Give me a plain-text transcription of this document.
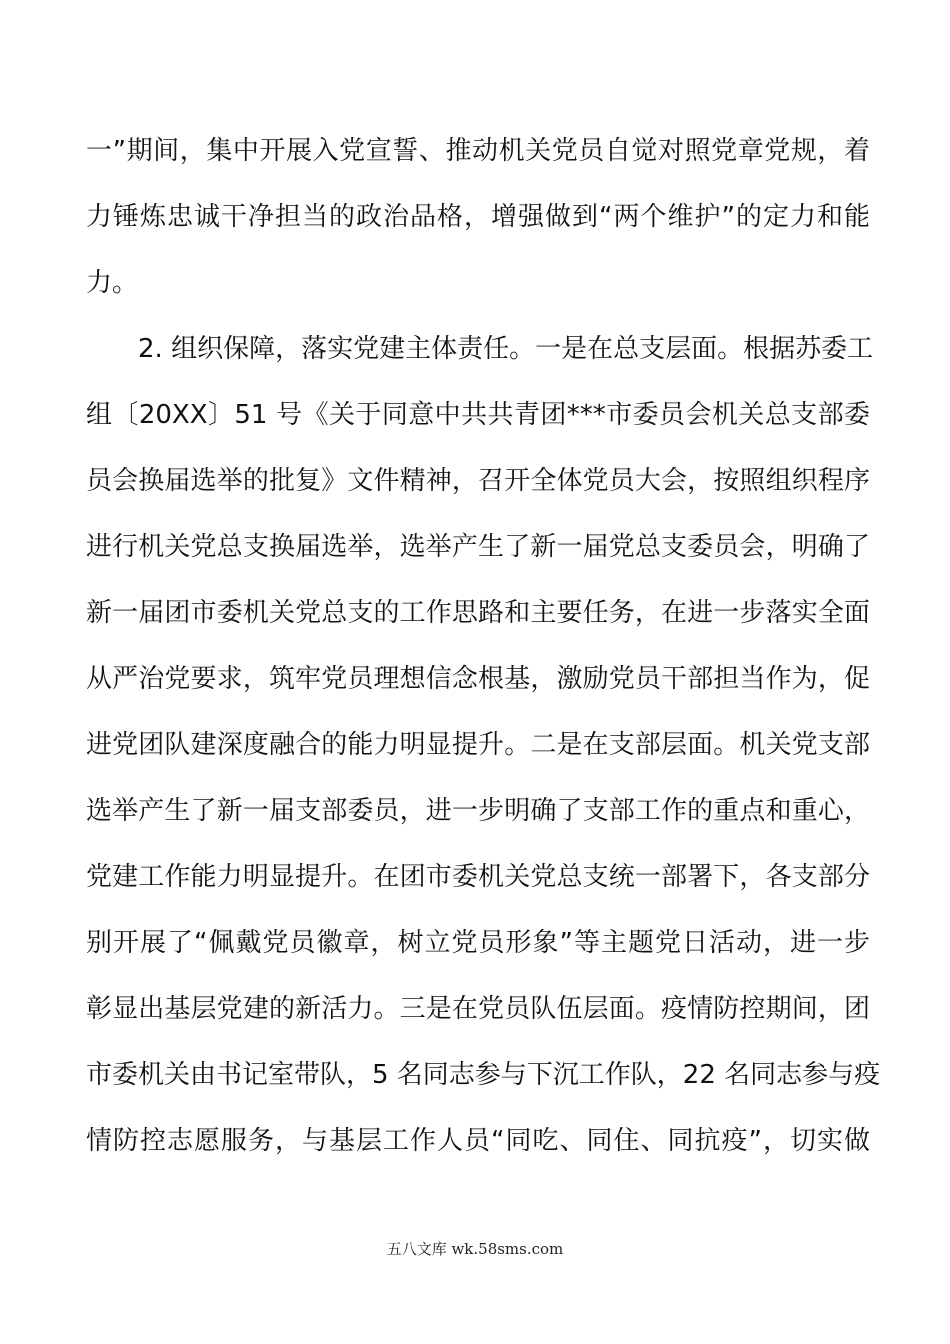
一”期间，集中开展入党宣誓、推动机关党员自觉对照党章党规，着
力锤炼忠诚干净担当的政治品格，增强做到“两个维护”的定力和能
力。
2. 组织保障，落实党建主体责任。一是在总支层面。根据苏委工
组〔20XX〕51 号《关于同意中共共青团***市委员会机关总支部委
员会换届选举的批复》文件精神，召开全体党员大会，按照组织程序
进行机关党总支换届选举，选举产生了新一届党总支委员会，明确了
新一届团市委机关党总支的工作思路和主要任务，在进一步落实全面
从严治党要求，筑牢党员理想信念根基，激励党员干部担当作为，促
进党团队建深度融合的能力明显提升。二是在支部层面。机关党支部
选举产生了新一届支部委员，进一步明确了支部工作的重点和重心，
党建工作能力明显提升。在团市委机关党总支统一部署下，各支部分
别开展了“佩戴党员徽章，树立党员形象”等主题党日活动，进一步
彰显出基层党建的新活力。三是在党员队伍层面。疫情防控期间，团
市委机关由书记室带队，5 名同志参与下沉工作队，22 名同志参与疫
情防控志愿服务，与基层工作人员“同吃、同住、同抗疫”，切实做
五八文库 wk.58sms.com
